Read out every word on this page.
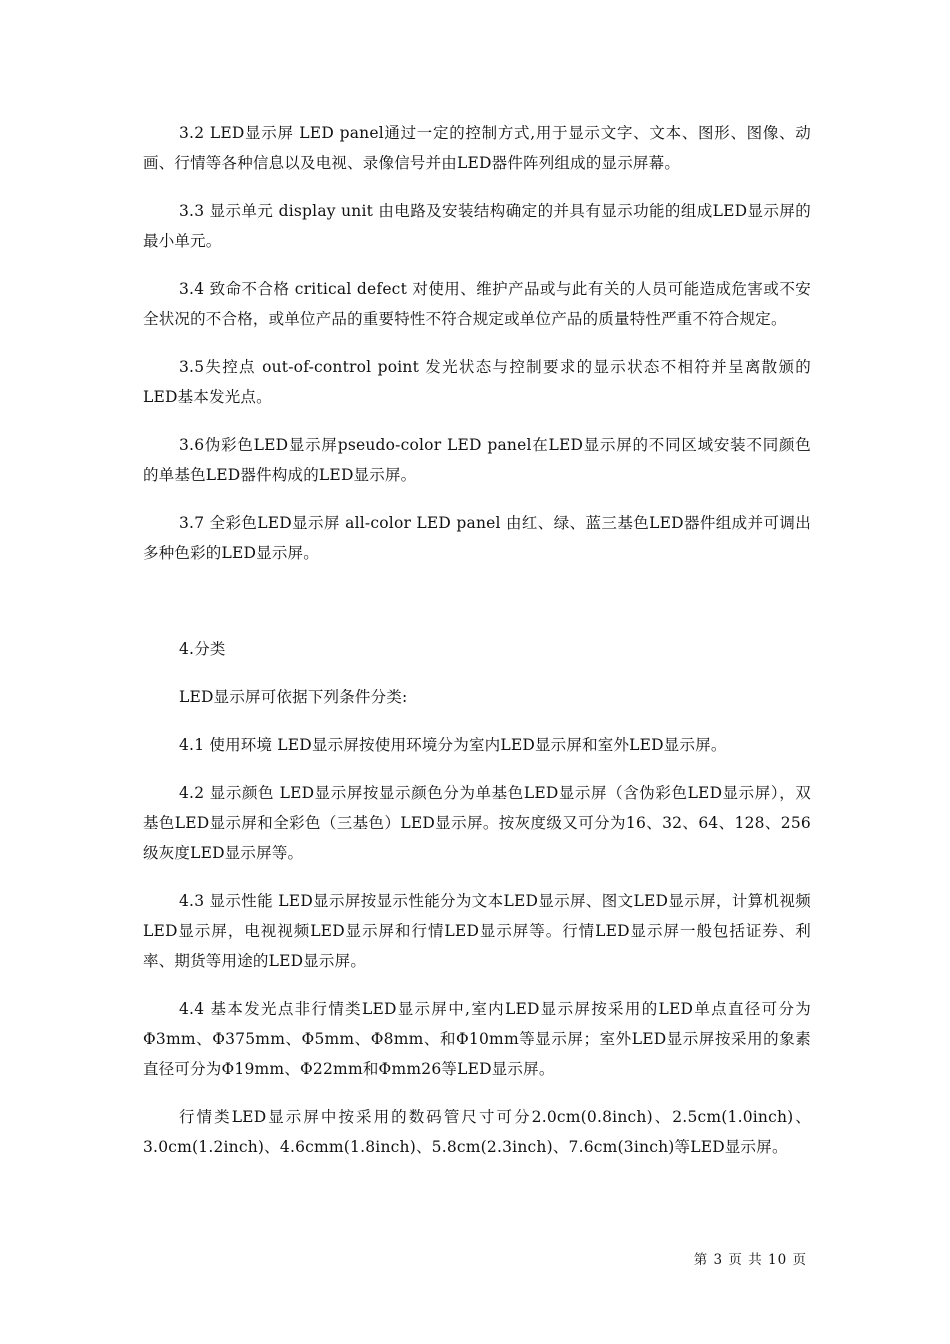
3.2 LED显示屏 LED panel通过一定的控制方式,用于显示文字、文本、图形、图像、动画、行情等各种信息以及电视、录像信号并由LED器件阵列组成的显示屏幕。

3.3 显示单元 display unit 由电路及安装结构确定的并具有显示功能的组成LED显示屏的最小单元。

3.4 致命不合格 critical defect 对使用、维护产品或与此有关的人员可能造成危害或不安全状况的不合格，或单位产品的重要特性不符合规定或单位产品的质量特性严重不符合规定。

3.5失控点 out-of-control point 发光状态与控制要求的显示状态不相符并呈离散颁的LED基本发光点。

3.6伪彩色LED显示屏pseudo-color LED panel在LED显示屏的不同区域安装不同颜色的单基色LED器件构成的LED显示屏。

3.7 全彩色LED显示屏 all-color LED panel 由红、绿、蓝三基色LED器件组成并可调出多种色彩的LED显示屏。

4.分类

LED显示屏可依据下列条件分类:

4.1 使用环境 LED显示屏按使用环境分为室内LED显示屏和室外LED显示屏。

4.2 显示颜色 LED显示屏按显示颜色分为单基色LED显示屏（含伪彩色LED显示屏），双基色LED显示屏和全彩色（三基色）LED显示屏。按灰度级又可分为16、32、64、128、256级灰度LED显示屏等。

4.3 显示性能 LED显示屏按显示性能分为文本LED显示屏、图文LED显示屏，计算机视频LED显示屏，电视视频LED显示屏和行情LED显示屏等。行情LED显示屏一般包括证券、利率、期货等用途的LED显示屏。

4.4 基本发光点非行情类LED显示屏中,室内LED显示屏按采用的LED单点直径可分为Φ3mm、Φ375mm、Φ5mm、Φ8mm、和Φ10mm等显示屏；室外LED显示屏按采用的象素直径可分为Φ19mm、Φ22mm和Φmm26等LED显示屏。

行情类LED显示屏中按采用的数码管尺寸可分2.0cm(0.8inch)、2.5cm(1.0inch)、3.0cm(1.2inch)、4.6cmm(1.8inch)、5.8cm(2.3inch)、7.6cm(3inch)等LED显示屏。

第 3 页 共 10 页
